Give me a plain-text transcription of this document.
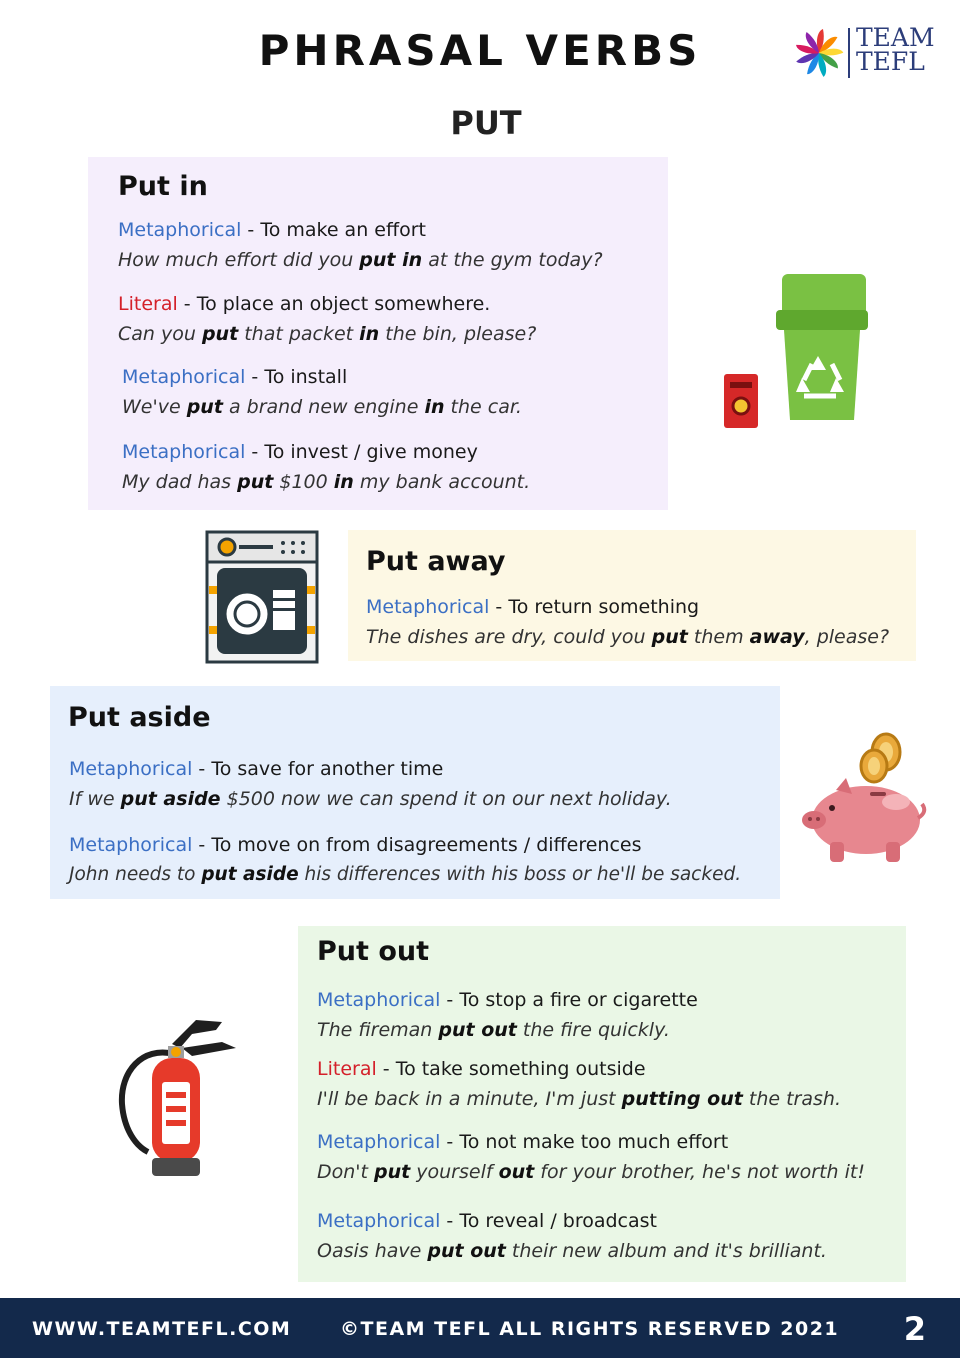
PHRASAL VERBS
PUT
TEAM
TEFL
Put in
Metaphorical - To make an effort
How much effort did you put in at the gym today?
Literal - To place an object somewhere.
Can you put that packet in the bin, please?
Metaphorical - To install
We've put a brand new engine in the car.
Metaphorical - To invest / give money
My dad has put $100 in my bank account.
Put away
Metaphorical - To return something
The dishes are dry, could you put them away, please?
Put aside
Metaphorical - To save for another time
If we put aside $500 now we can spend it on our next holiday.
Metaphorical - To move on from disagreements / differences
John needs to put aside his differences with his boss or he'll be sacked.
Put out
Metaphorical - To stop a fire or cigarette
The fireman put out the fire quickly.
Literal - To take something outside
I'll be back in a minute, I'm just putting out the trash.
Metaphorical - To not make too much effort
Don't put yourself out for your brother, he's not worth it!
Metaphorical - To reveal / broadcast
Oasis have put out their new album and it's brilliant.
WWW.TEAMTEFL.COM	©TEAM TEFL ALL RIGHTS RESERVED 2021 2
